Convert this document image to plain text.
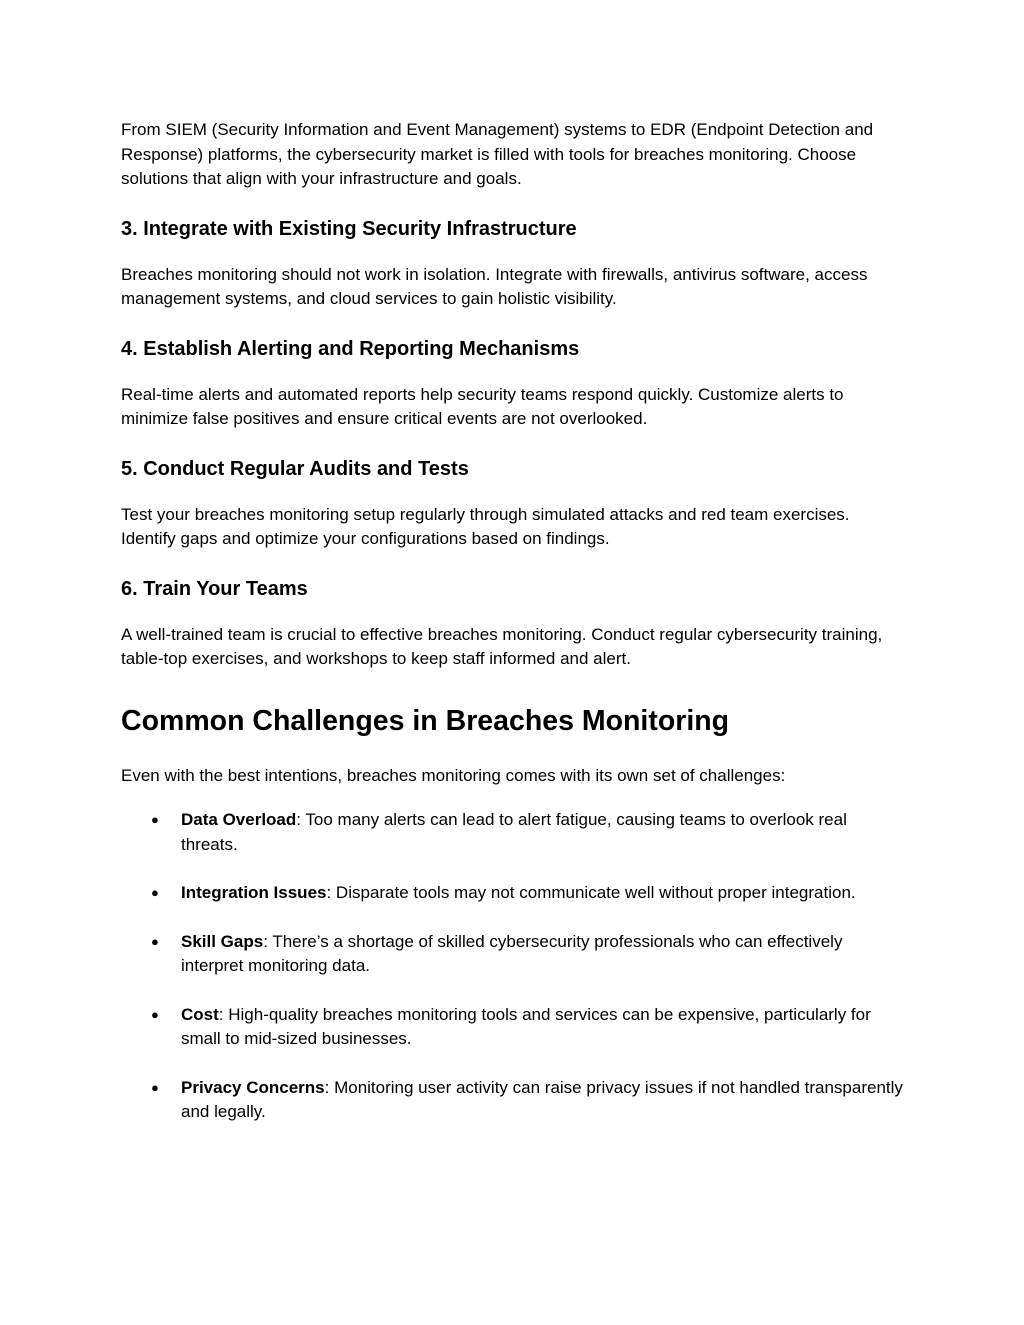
From SIEM (Security Information and Event Management) systems to EDR (Endpoint Detection and Response) platforms, the cybersecurity market is filled with tools for breaches monitoring. Choose solutions that align with your infrastructure and goals.

3. Integrate with Existing Security Infrastructure

Breaches monitoring should not work in isolation. Integrate with firewalls, antivirus software, access management systems, and cloud services to gain holistic visibility.

4. Establish Alerting and Reporting Mechanisms

Real-time alerts and automated reports help security teams respond quickly. Customize alerts to minimize false positives and ensure critical events are not overlooked.

5. Conduct Regular Audits and Tests

Test your breaches monitoring setup regularly through simulated attacks and red team exercises. Identify gaps and optimize your configurations based on findings.

6. Train Your Teams

A well-trained team is crucial to effective breaches monitoring. Conduct regular cybersecurity training, table-top exercises, and workshops to keep staff informed and alert.

Common Challenges in Breaches Monitoring

Even with the best intentions, breaches monitoring comes with its own set of challenges:

● Data Overload: Too many alerts can lead to alert fatigue, causing teams to overlook real threats.
● Integration Issues: Disparate tools may not communicate well without proper integration.
● Skill Gaps: There’s a shortage of skilled cybersecurity professionals who can effectively interpret monitoring data.
● Cost: High-quality breaches monitoring tools and services can be expensive, particularly for small to mid-sized businesses.
● Privacy Concerns: Monitoring user activity can raise privacy issues if not handled transparently and legally.
